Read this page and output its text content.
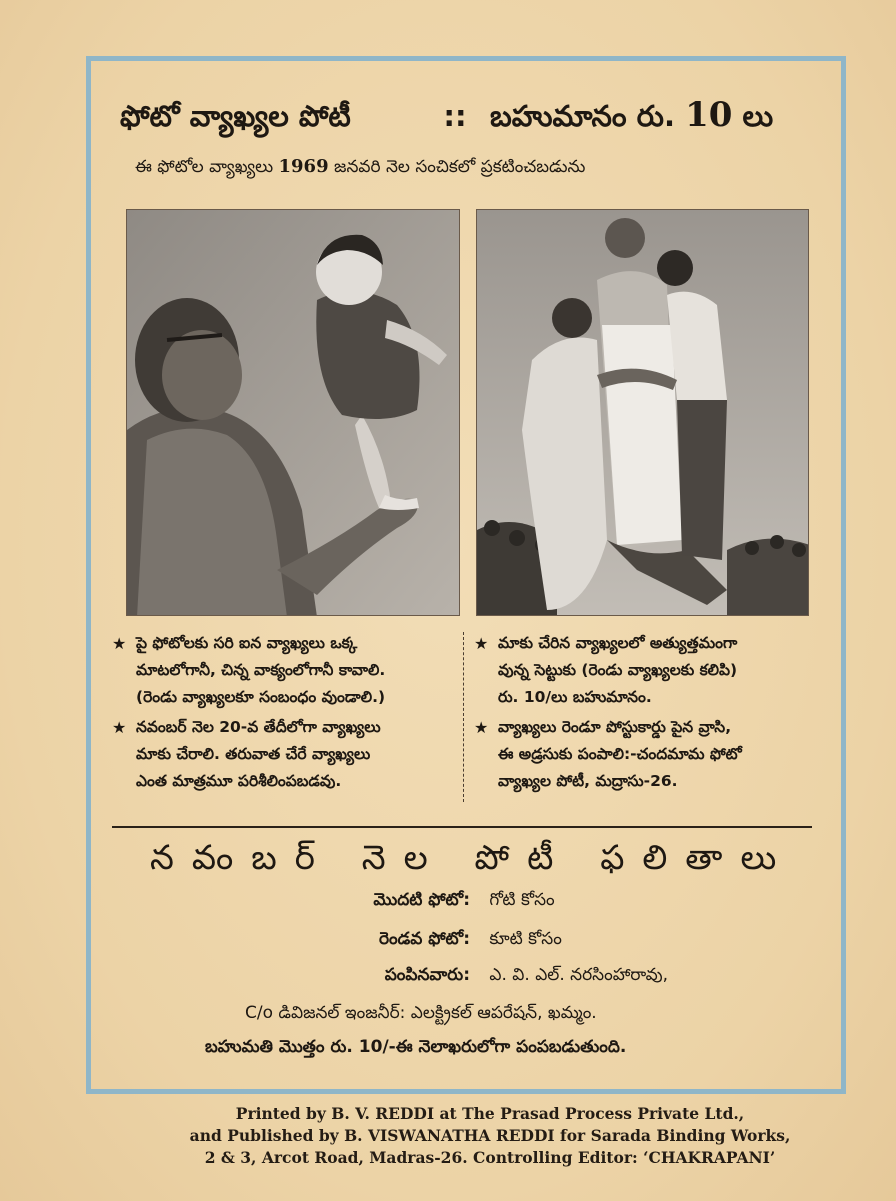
ఫోటో వ్యాఖ్యల పోటీ	:: బహుమానం రు. 10 లు
ఈ ఫోటోల వ్యాఖ్యలు 1969 జనవరి నెల సంచికలో ప్రకటించబడును
★ పై ఫోటోలకు సరి ఐన వ్యాఖ్యలు ఒక్క
మాటలోగానీ, చిన్న వాక్యంలోగానీ కావాలి.
(రెండు వ్యాఖ్యలకూ సంబంధం వుండాలి.)
★ నవంబర్ నెల 20-వ తేదీలోగా వ్యాఖ్యలు
మాకు చేరాలి. తరువాత చేరే వ్యాఖ్యలు
ఎంత మాత్రమూ పరిశీలింపబడవు.
★ మాకు చేరిన వ్యాఖ్యలలో అత్యుత్తమంగా
వున్న సెట్టుకు (రెండు వ్యాఖ్యలకు కలిపి)
రు. 10/లు బహుమానం.
★ వ్యాఖ్యలు రెండూ పోస్టుకార్డు పైన వ్రాసి,
ఈ అడ్రసుకు పంపాలి:-చందమామ ఫోటో
వ్యాఖ్యల పోటీ, మద్రాసు-26.
నవంబర్ నెల పోటీ ఫలితాలు
మొదటి ఫోటో: గోటి కోసం
రెండవ ఫోటో: కూటి కోసం
పంపినవారు: ఎ. వి. ఎల్. నరసింహారావు,
C/o డివిజనల్ ఇంజనీర్: ఎలక్ట్రికల్ ఆపరేషన్, ఖమ్మం.
బహుమతి మొత్తం రు. 10/-ఈ నెలాఖరులోగా పంపబడుతుంది.
Printed by B. V. REDDI at The Prasad Process Private Ltd.,
and Published by B. VISWANATHA REDDI for Sarada Binding Works,
2 & 3, Arcot Road, Madras-26. Controlling Editor: ‘CHAKRAPANI’
